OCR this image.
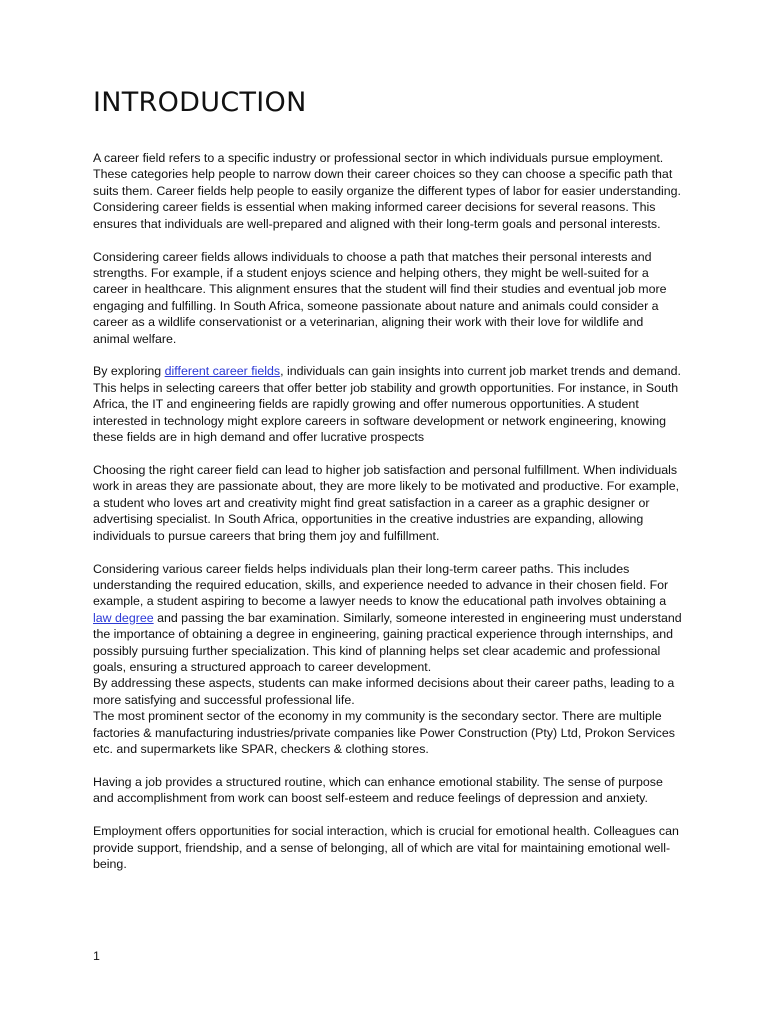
INTRODUCTION

A career field refers to a specific industry or professional sector in which individuals pursue employment. These categories help people to narrow down their career choices so they can choose a specific path that suits them. Career fields help people to easily organize the different types of labor for easier understanding. Considering career fields is essential when making informed career decisions for several reasons. This ensures that individuals are well-prepared and aligned with their long-term goals and personal interests.

Considering career fields allows individuals to choose a path that matches their personal interests and strengths. For example, if a student enjoys science and helping others, they might be well-suited for a career in healthcare. This alignment ensures that the student will find their studies and eventual job more engaging and fulfilling. In South Africa, someone passionate about nature and animals could consider a career as a wildlife conservationist or a veterinarian, aligning their work with their love for wildlife and animal welfare.

By exploring different career fields, individuals can gain insights into current job market trends and demand. This helps in selecting careers that offer better job stability and growth opportunities. For instance, in South Africa, the IT and engineering fields are rapidly growing and offer numerous opportunities. A student interested in technology might explore careers in software development or network engineering, knowing these fields are in high demand and offer lucrative prospects

Choosing the right career field can lead to higher job satisfaction and personal fulfillment. When individuals work in areas they are passionate about, they are more likely to be motivated and productive. For example, a student who loves art and creativity might find great satisfaction in a career as a graphic designer or advertising specialist. In South Africa, opportunities in the creative industries are expanding, allowing individuals to pursue careers that bring them joy and fulfillment.

Considering various career fields helps individuals plan their long-term career paths. This includes understanding the required education, skills, and experience needed to advance in their chosen field. For example, a student aspiring to become a lawyer needs to know the educational path involves obtaining a law degree and passing the bar examination. Similarly, someone interested in engineering must understand the importance of obtaining a degree in engineering, gaining practical experience through internships, and possibly pursuing further specialization. This kind of planning helps set clear academic and professional goals, ensuring a structured approach to career development.

By addressing these aspects, students can make informed decisions about their career paths, leading to a more satisfying and successful professional life.

The most prominent sector of the economy in my community is the secondary sector. There are multiple factories & manufacturing industries/private companies like Power Construction (Pty) Ltd, Prokon Services etc. and supermarkets like SPAR, checkers & clothing stores.

Having a job provides a structured routine, which can enhance emotional stability. The sense of purpose and accomplishment from work can boost self-esteem and reduce feelings of depression and anxiety.

Employment offers opportunities for social interaction, which is crucial for emotional health. Colleagues can provide support, friendship, and a sense of belonging, all of which are vital for maintaining emotional well-being.

1
